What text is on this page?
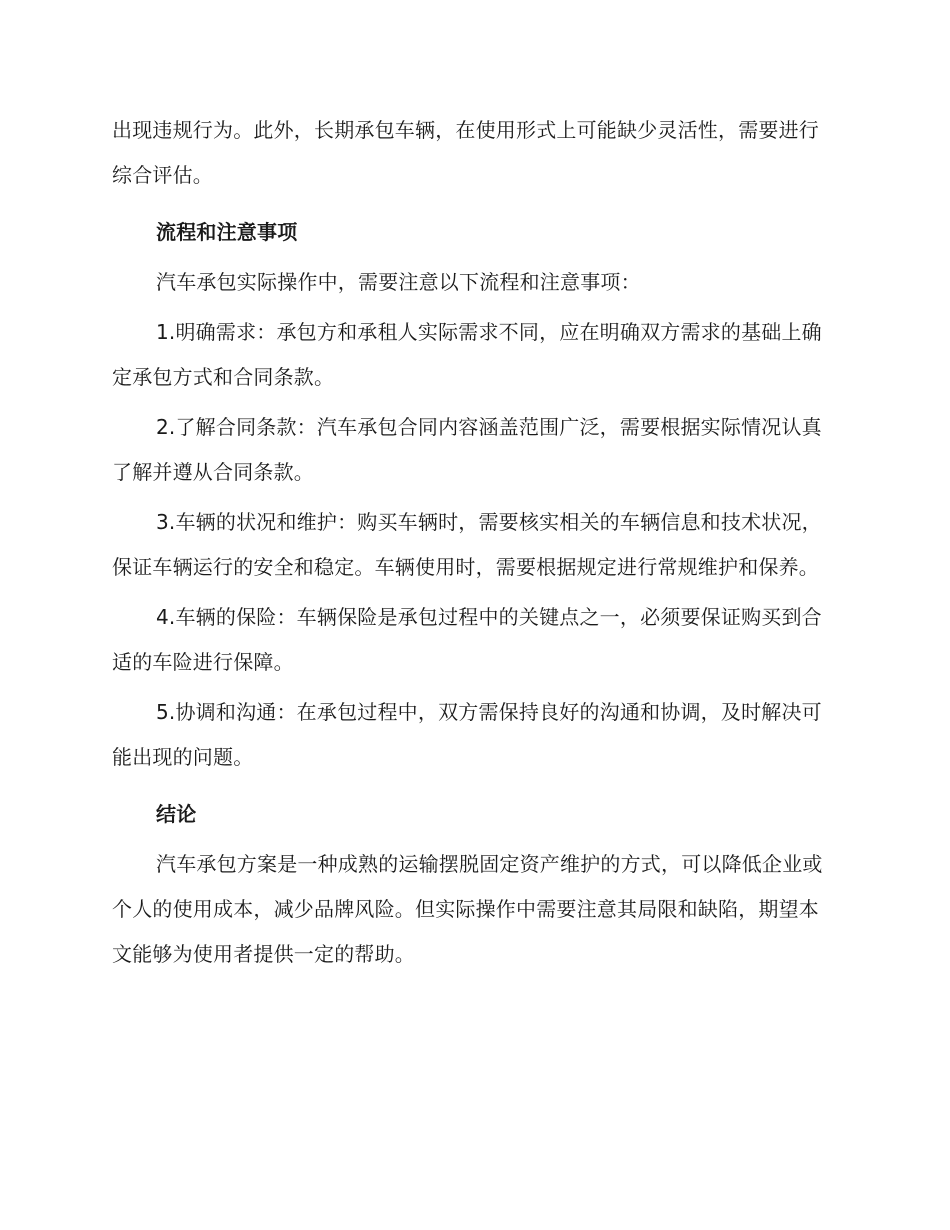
出现违规行为。此外，长期承包车辆，在使用形式上可能缺少灵活性，需要进行综合评估。

流程和注意事项

汽车承包实际操作中，需要注意以下流程和注意事项：

1.明确需求：承包方和承租人实际需求不同，应在明确双方需求的基础上确定承包方式和合同条款。

2.了解合同条款：汽车承包合同内容涵盖范围广泛，需要根据实际情况认真了解并遵从合同条款。

3.车辆的状况和维护：购买车辆时，需要核实相关的车辆信息和技术状况，保证车辆运行的安全和稳定。车辆使用时，需要根据规定进行常规维护和保养。

4.车辆的保险：车辆保险是承包过程中的关键点之一，必须要保证购买到合适的车险进行保障。

5.协调和沟通：在承包过程中，双方需保持良好的沟通和协调，及时解决可能出现的问题。

结论

汽车承包方案是一种成熟的运输摆脱固定资产维护的方式，可以降低企业或个人的使用成本，减少品牌风险。但实际操作中需要注意其局限和缺陷，期望本文能够为使用者提供一定的帮助。
